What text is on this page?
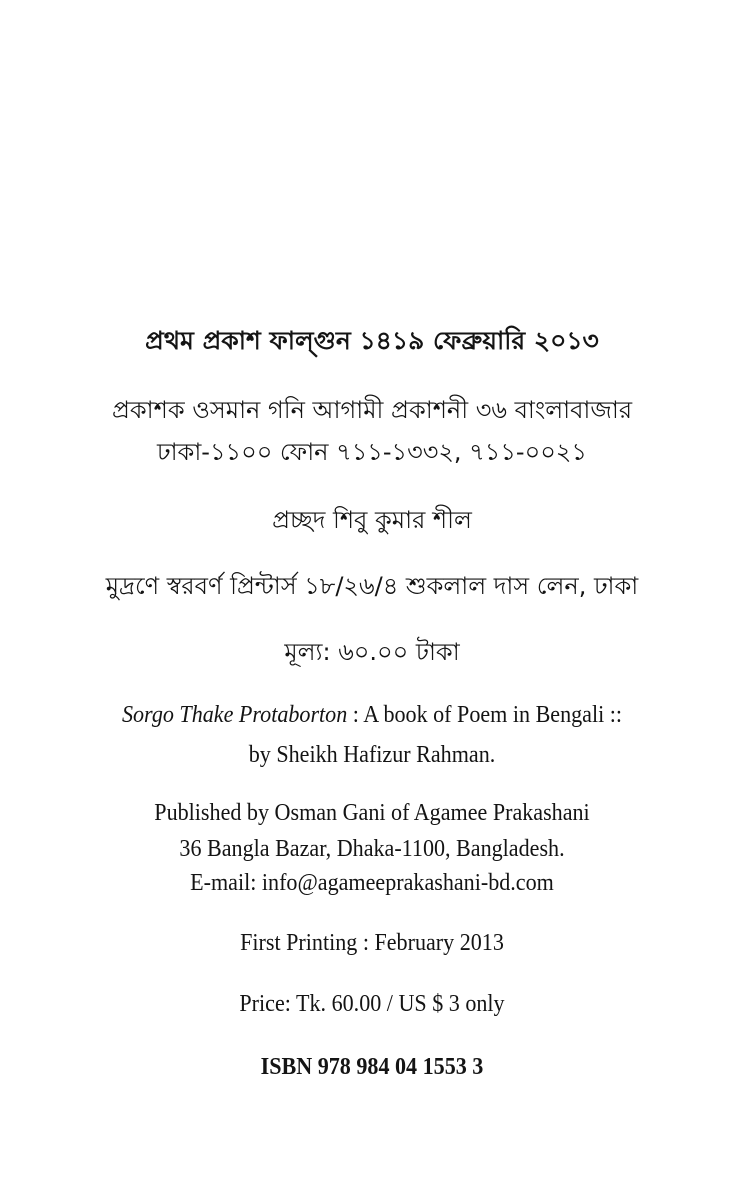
প্রথম প্রকাশ ফাল্গুন ১৪১৯ ফেব্রুয়ারি ২০১৩
প্রকাশক ওসমান গনি আগামী প্রকাশনী ৩৬ বাংলাবাজার
ঢাকা-১১০০ ফোন ৭১১-১৩৩২, ৭১১-০০২১
প্রচ্ছদ শিবু কুমার শীল
মুদ্রণে স্বরবর্ণ প্রিন্টার্স ১৮/২৬/৪ শুকলাল দাস লেন, ঢাকা
মূল্য: ৬০.০০ টাকা
Sorgo Thake Protaborton : A book of Poem in Bengali ::
by Sheikh Hafizur Rahman.
Published by Osman Gani of Agamee Prakashani
36 Bangla Bazar, Dhaka-1100, Bangladesh.
E-mail: info@agameeprakashani-bd.com
First Printing : February 2013
Price: Tk. 60.00 / US $ 3 only
ISBN 978 984 04 1553 3
